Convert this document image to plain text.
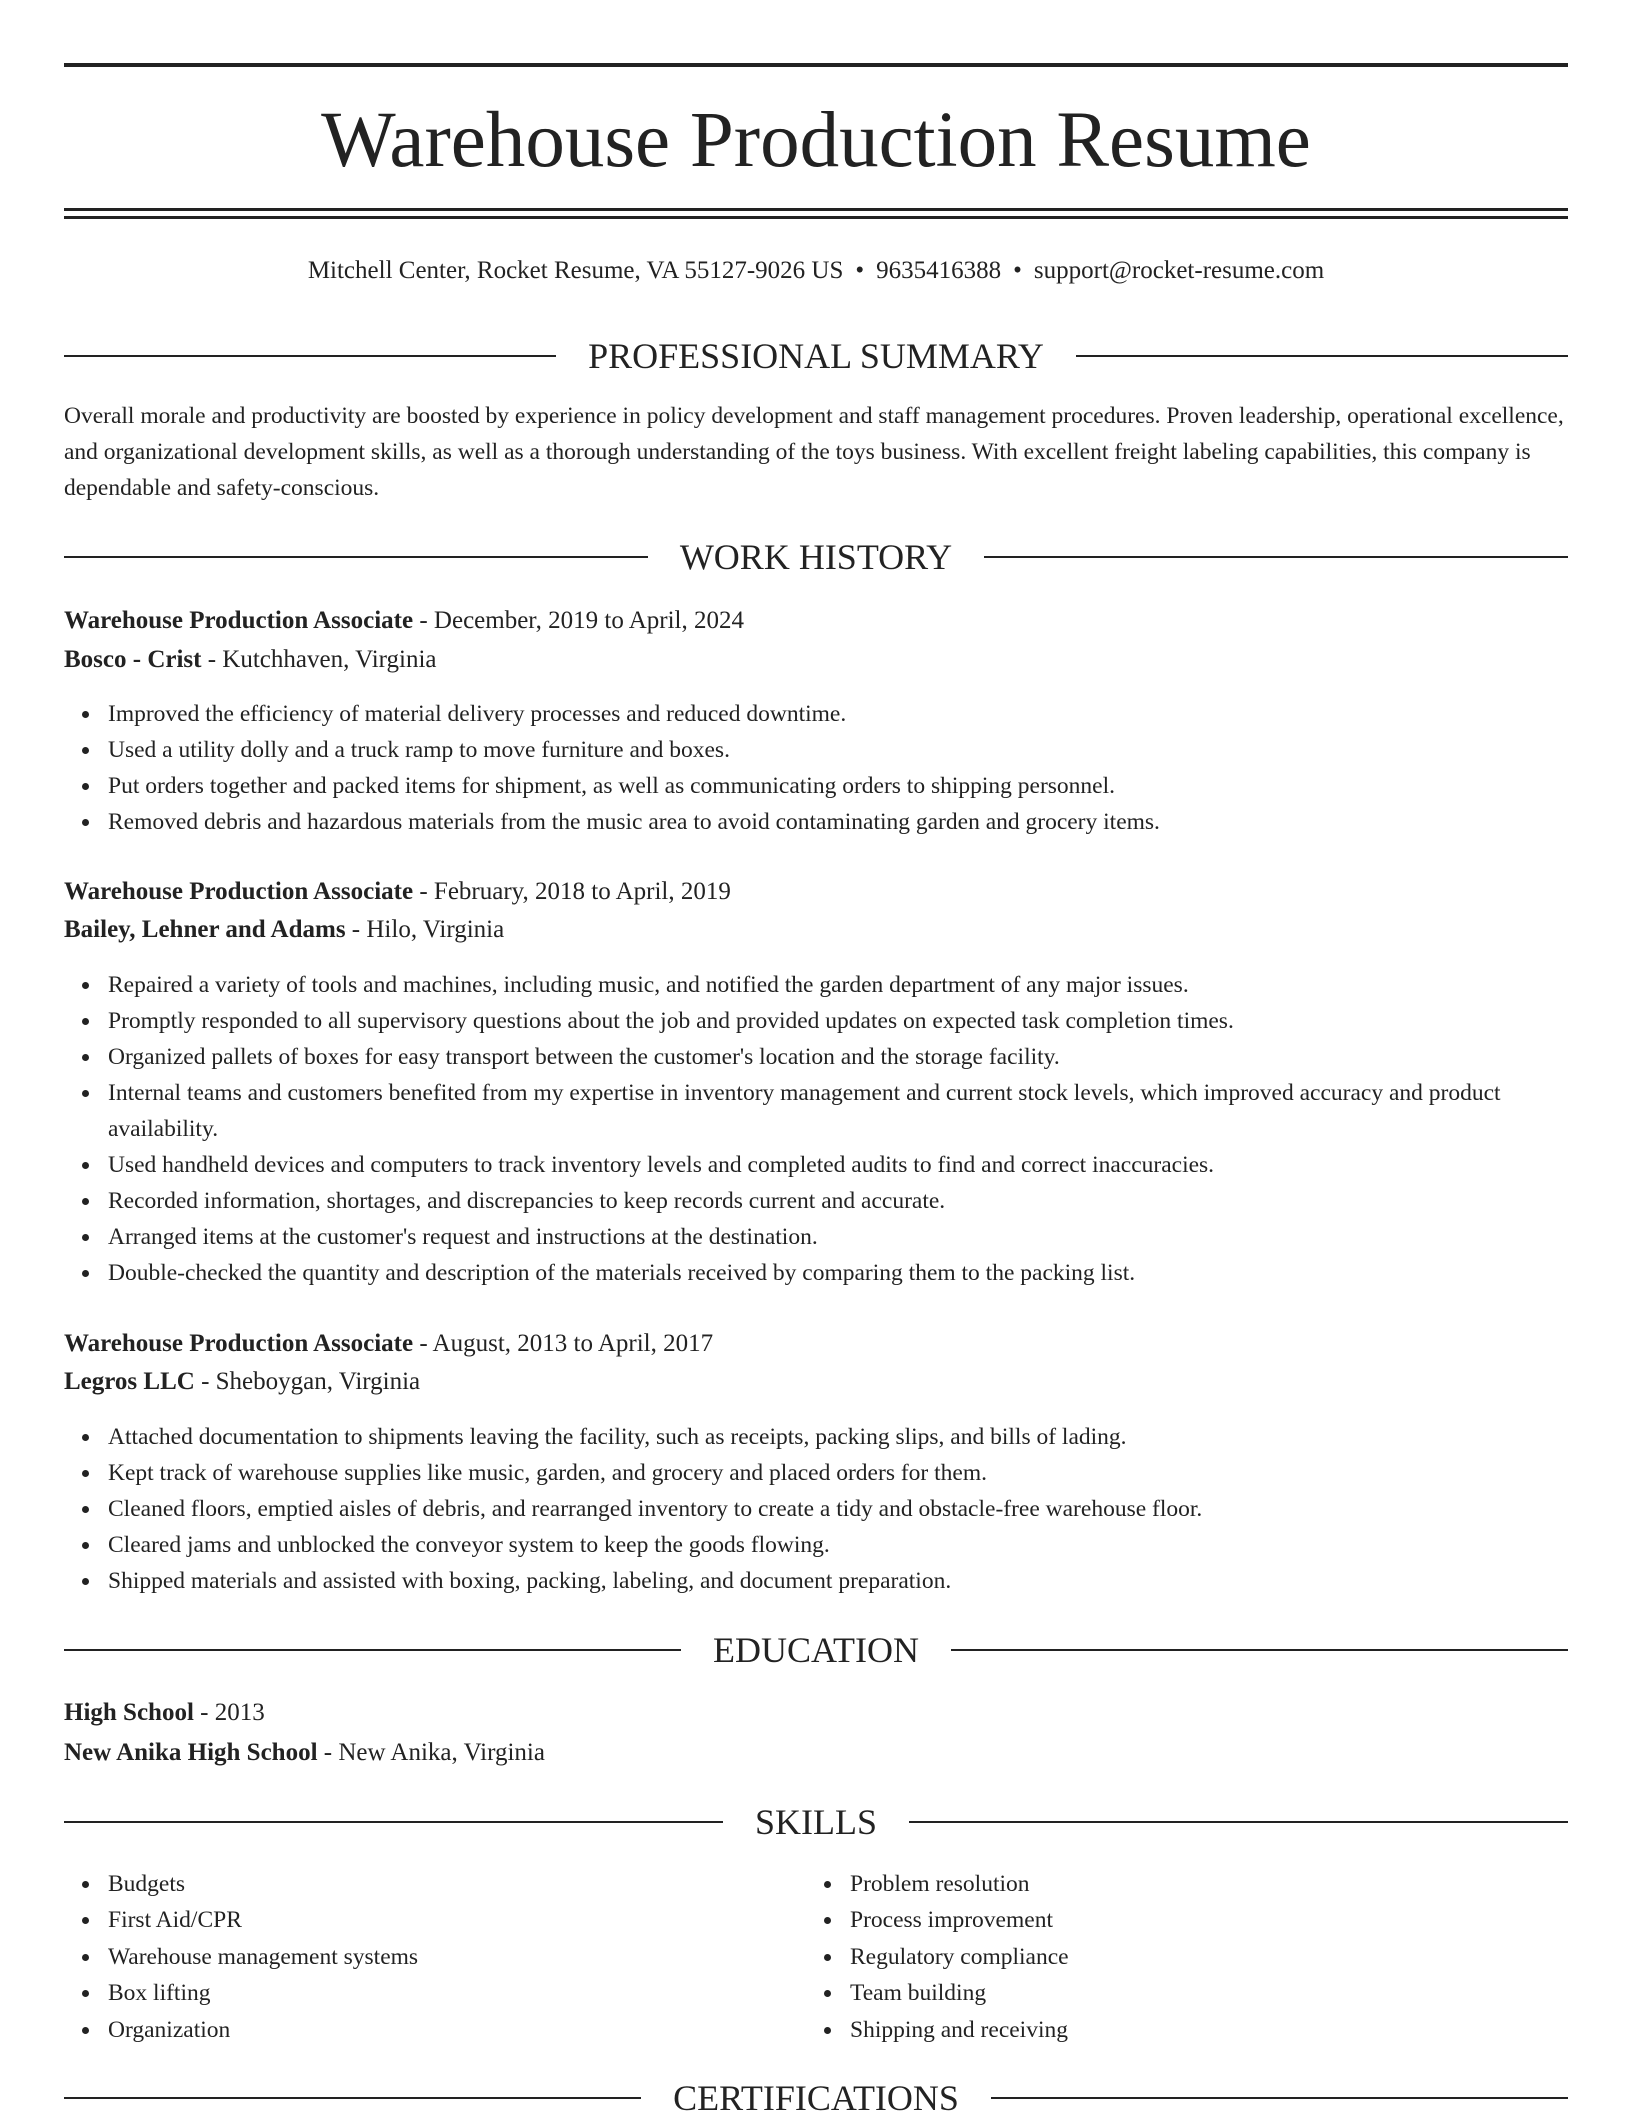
Warehouse Production Resume
Mitchell Center, Rocket Resume, VA 55127-9026 US • 9635416388 • support@rocket-resume.com
PROFESSIONAL SUMMARY

Overall morale and productivity are boosted by experience in policy development and staff management procedures. Proven leadership, operational excellence, and organizational development skills, as well as a thorough understanding of the toys business. With excellent freight labeling capabilities, this company is dependable and safety-conscious.

WORK HISTORY
Warehouse Production Associate - December, 2019 to April, 2024
Bosco - Crist - Kutchhaven, Virginia
Improved the efficiency of material delivery processes and reduced downtime.
Used a utility dolly and a truck ramp to move furniture and boxes.
Put orders together and packed items for shipment, as well as communicating orders to shipping personnel.
Removed debris and hazardous materials from the music area to avoid contaminating garden and grocery items.
Warehouse Production Associate - February, 2018 to April, 2019
Bailey, Lehner and Adams - Hilo, Virginia
Repaired a variety of tools and machines, including music, and notified the garden department of any major issues.
Promptly responded to all supervisory questions about the job and provided updates on expected task completion times.
Organized pallets of boxes for easy transport between the customer's location and the storage facility.
Internal teams and customers benefited from my expertise in inventory management and current stock levels, which improved accuracy and product availability.
Used handheld devices and computers to track inventory levels and completed audits to find and correct inaccuracies.
Recorded information, shortages, and discrepancies to keep records current and accurate.
Arranged items at the customer's request and instructions at the destination.
Double-checked the quantity and description of the materials received by comparing them to the packing list.
Warehouse Production Associate - August, 2013 to April, 2017
Legros LLC - Sheboygan, Virginia
Attached documentation to shipments leaving the facility, such as receipts, packing slips, and bills of lading.
Kept track of warehouse supplies like music, garden, and grocery and placed orders for them.
Cleaned floors, emptied aisles of debris, and rearranged inventory to create a tidy and obstacle-free warehouse floor.
Cleared jams and unblocked the conveyor system to keep the goods flowing.
Shipped materials and assisted with boxing, packing, labeling, and document preparation.
EDUCATION
High School - 2013
New Anika High School - New Anika, Virginia
SKILLS
Budgets
First Aid/CPR
Warehouse management systems
Box lifting
Organization
Problem resolution
Process improvement
Regulatory compliance
Team building
Shipping and receiving
CERTIFICATIONS
